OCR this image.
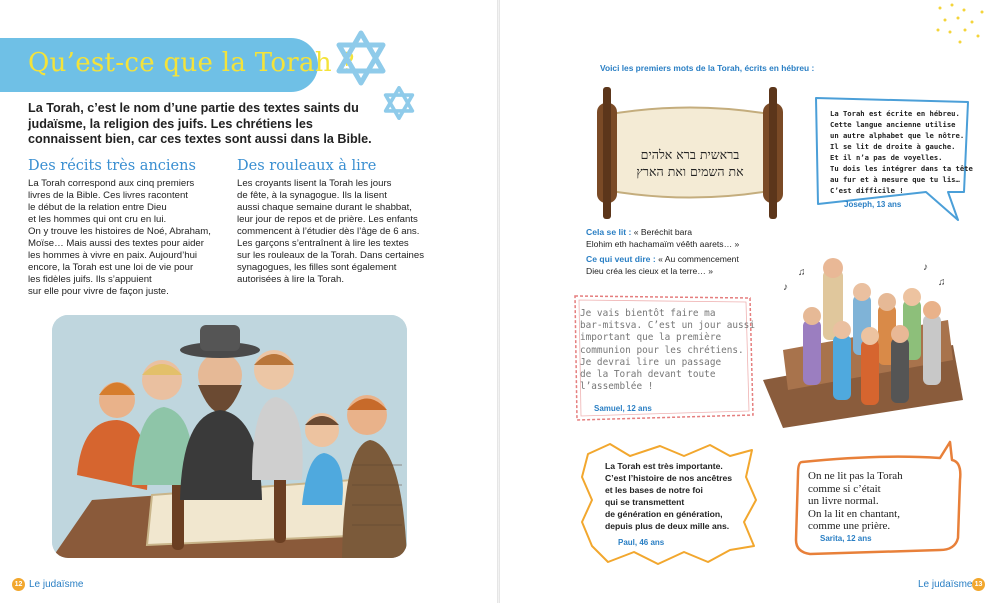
Qu’est-ce que la Torah ?
La Torah, c’est le nom d’une partie des textes saints du judaïsme, la religion des juifs. Les chrétiens les connaissent bien, car ces textes sont aussi dans la Bible.
Des récits très anciens
La Torah correspond aux cinq premiers
livres de la Bible. Ces livres racontent
le début de la relation entre Dieu
et les hommes qui ont cru en lui.
On y trouve les histoires de Noé, Abraham,
Moïse… Mais aussi des textes pour aider
les hommes à vivre en paix. Aujourd’hui
encore, la Torah est une loi de vie pour
les fidèles juifs. Ils s’appuient
sur elle pour vivre de façon juste.
Des rouleaux à lire
Les croyants lisent la Torah les jours
de fête, à la synagogue. Ils la lisent
aussi chaque semaine durant le shabbat,
leur jour de repos et de prière. Les enfants
commencent à l’étudier dès l’âge de 6 ans.
Les garçons s’entraînent à lire les textes
sur les rouleaux de la Torah. Dans certaines
synagogues, les filles sont également
autorisées à lire la Torah.
12 Le judaïsme
Voici les premiers mots de la Torah, écrits en hébreu :
בראשית ברא אלהים
את השמים ואת הארץ
Cela se lit : « Beréchit bara
Elohim eth hachamaïm véêth aarets… »
Ce qui veut dire : « Au commencement
Dieu créa les cieux et la terre… »
La Torah est écrite en hébreu.
Cette langue ancienne utilise
un autre alphabet que le nôtre.
Il se lit de droite à gauche.
Et il n’a pas de voyelles.
Tu dois les intégrer dans ta tête
au fur et à mesure que tu lis…
C’est difficile !
Joseph, 13 ans
Je vais bientôt faire ma
bar-mitsva. C’est un jour aussi
important que la première
communion pour les chrétiens.
Je devrai lire un passage
de la Torah devant toute
l’assemblée !
Samuel, 12 ans
♪
♫	♪
♫
La Torah est très importante.
C’est l’histoire de nos ancêtres
et les bases de notre foi
qui se transmettent
de génération en génération,
depuis plus de deux mille ans.
Paul, 46 ans
On ne lit pas la Torah
comme si c’était
un livre normal.
On la lit en chantant,
comme une prière.
Sarita, 12 ans
Le judaïsme 13
